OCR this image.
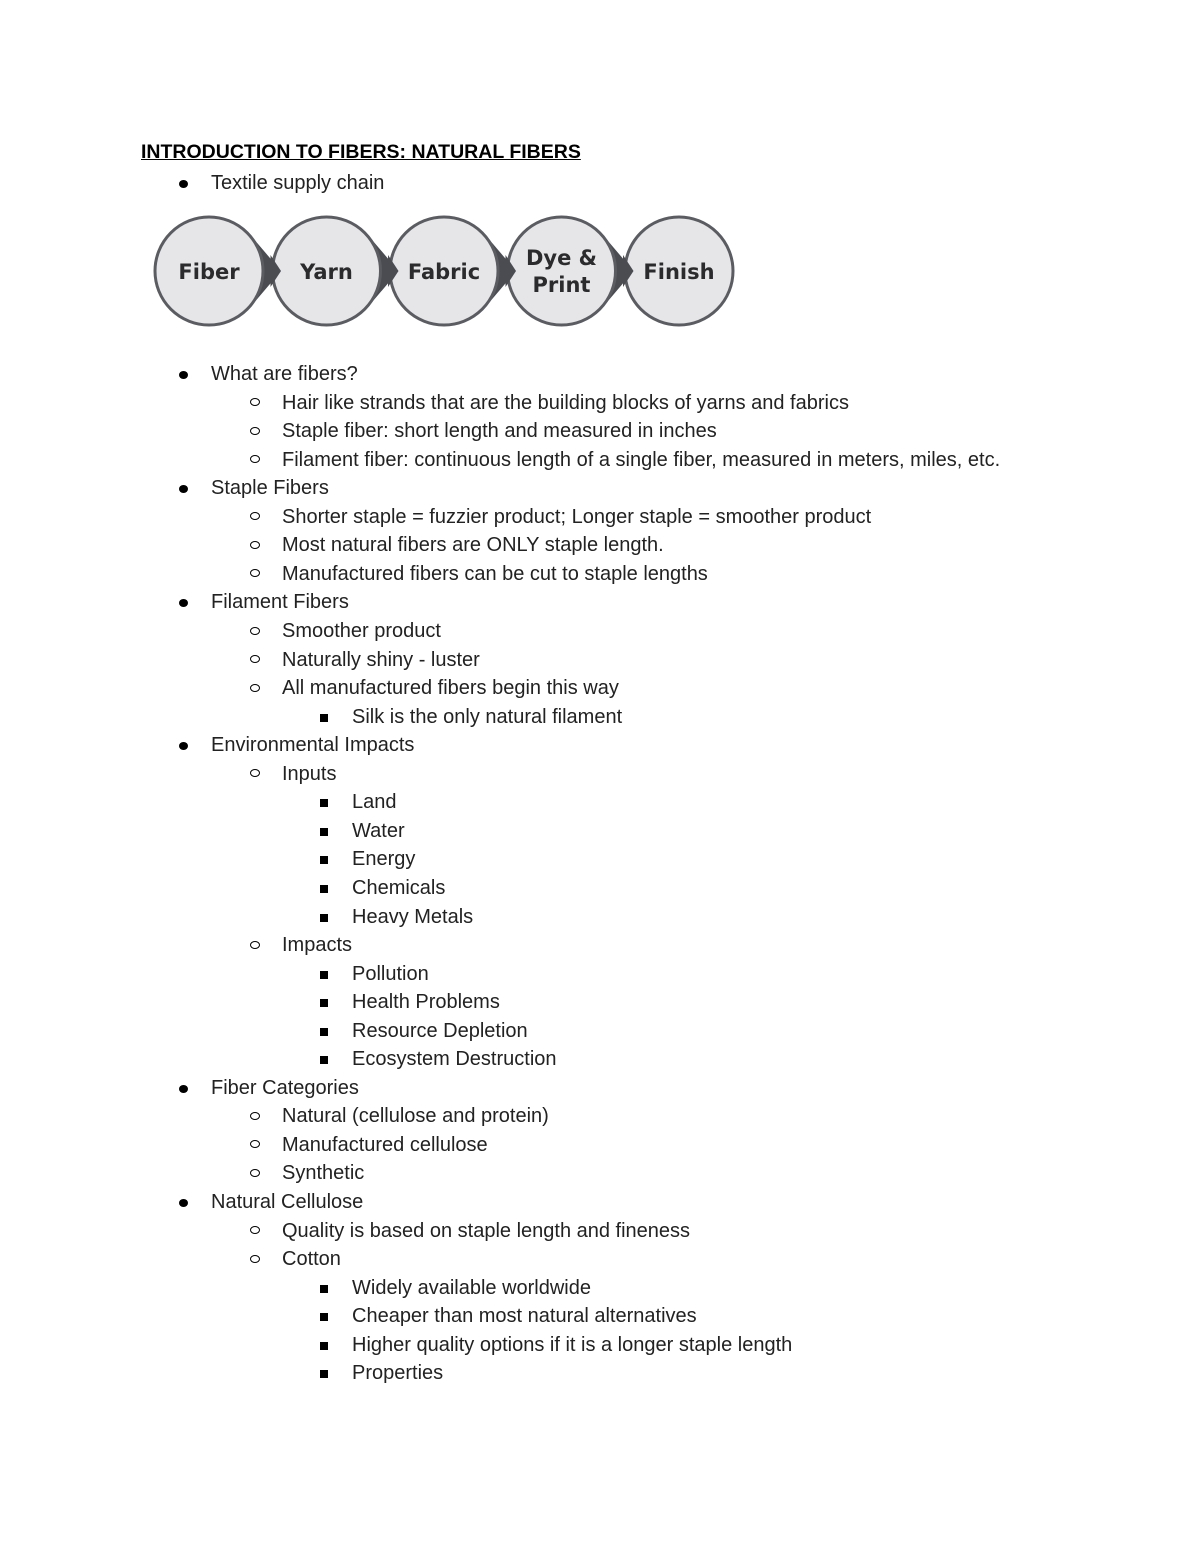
INTRODUCTION TO FIBERS: NATURAL FIBERS
Textile supply chain
Fiber	Yarn	Fabric
Dye &
Print
Finish
What are fibers?
Hair like strands that are the building blocks of yarns and fabrics
Staple fiber: short length and measured in inches
Filament fiber: continuous length of a single fiber, measured in meters, miles, etc.
Staple Fibers
Shorter staple = fuzzier product; Longer staple = smoother product
Most natural fibers are ONLY staple length.
Manufactured fibers can be cut to staple lengths
Filament Fibers
Smoother product
Naturally shiny - luster
All manufactured fibers begin this way
Silk is the only natural filament
Environmental Impacts
Inputs
Land
Water
Energy
Chemicals
Heavy Metals
Impacts
Pollution
Health Problems
Resource Depletion
Ecosystem Destruction
Fiber Categories
Natural (cellulose and protein)
Manufactured cellulose
Synthetic
Natural Cellulose
Quality is based on staple length and fineness
Cotton
Widely available worldwide
Cheaper than most natural alternatives
Higher quality options if it is a longer staple length
Properties
